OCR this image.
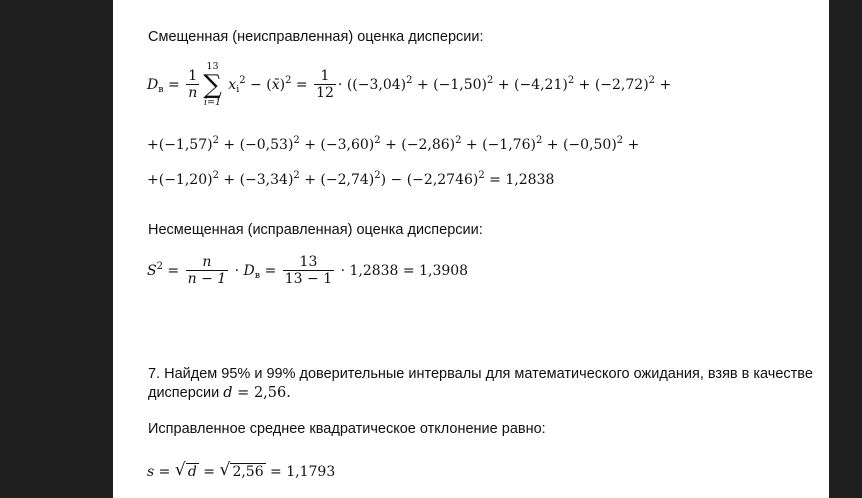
Смещенная (неисправленная) оценка дисперсии:
$D_в = \frac{1}{n}$
13
∑
i=1
$x_i^2$ − (x̄)$^2$ = $\frac{1}{12} \cdot ((-3,04)^2 + (-1,50)^2 + (-4,21)^2 + (-2,72)^2$ +
$+(-1,57)^2 + (-0,53)^2 + (-3,60)^2 + (-2,86)^2 + (-1,76)^2 + (-0,50)^2$ +
$+(-1,20)^2 + (-3,34)^2 + (-2,74)^2) - (-2,2746)^2 = 1,2838$
Несмещенная (исправленная) оценка дисперсии:
$S^2 = \frac{n}{n - 1} \cdot D_в = \frac{13}{13 - 1} \cdot 1,2838 = 1,3908$
7. Найдем 95% и 99% доверительные интервалы для математического ожидания, взяв в качестве
дисперсии d = 2,56.
Исправленное среднее квадратическое отклонение равно:
s = √ d = √ 2,56 = 1,1793
